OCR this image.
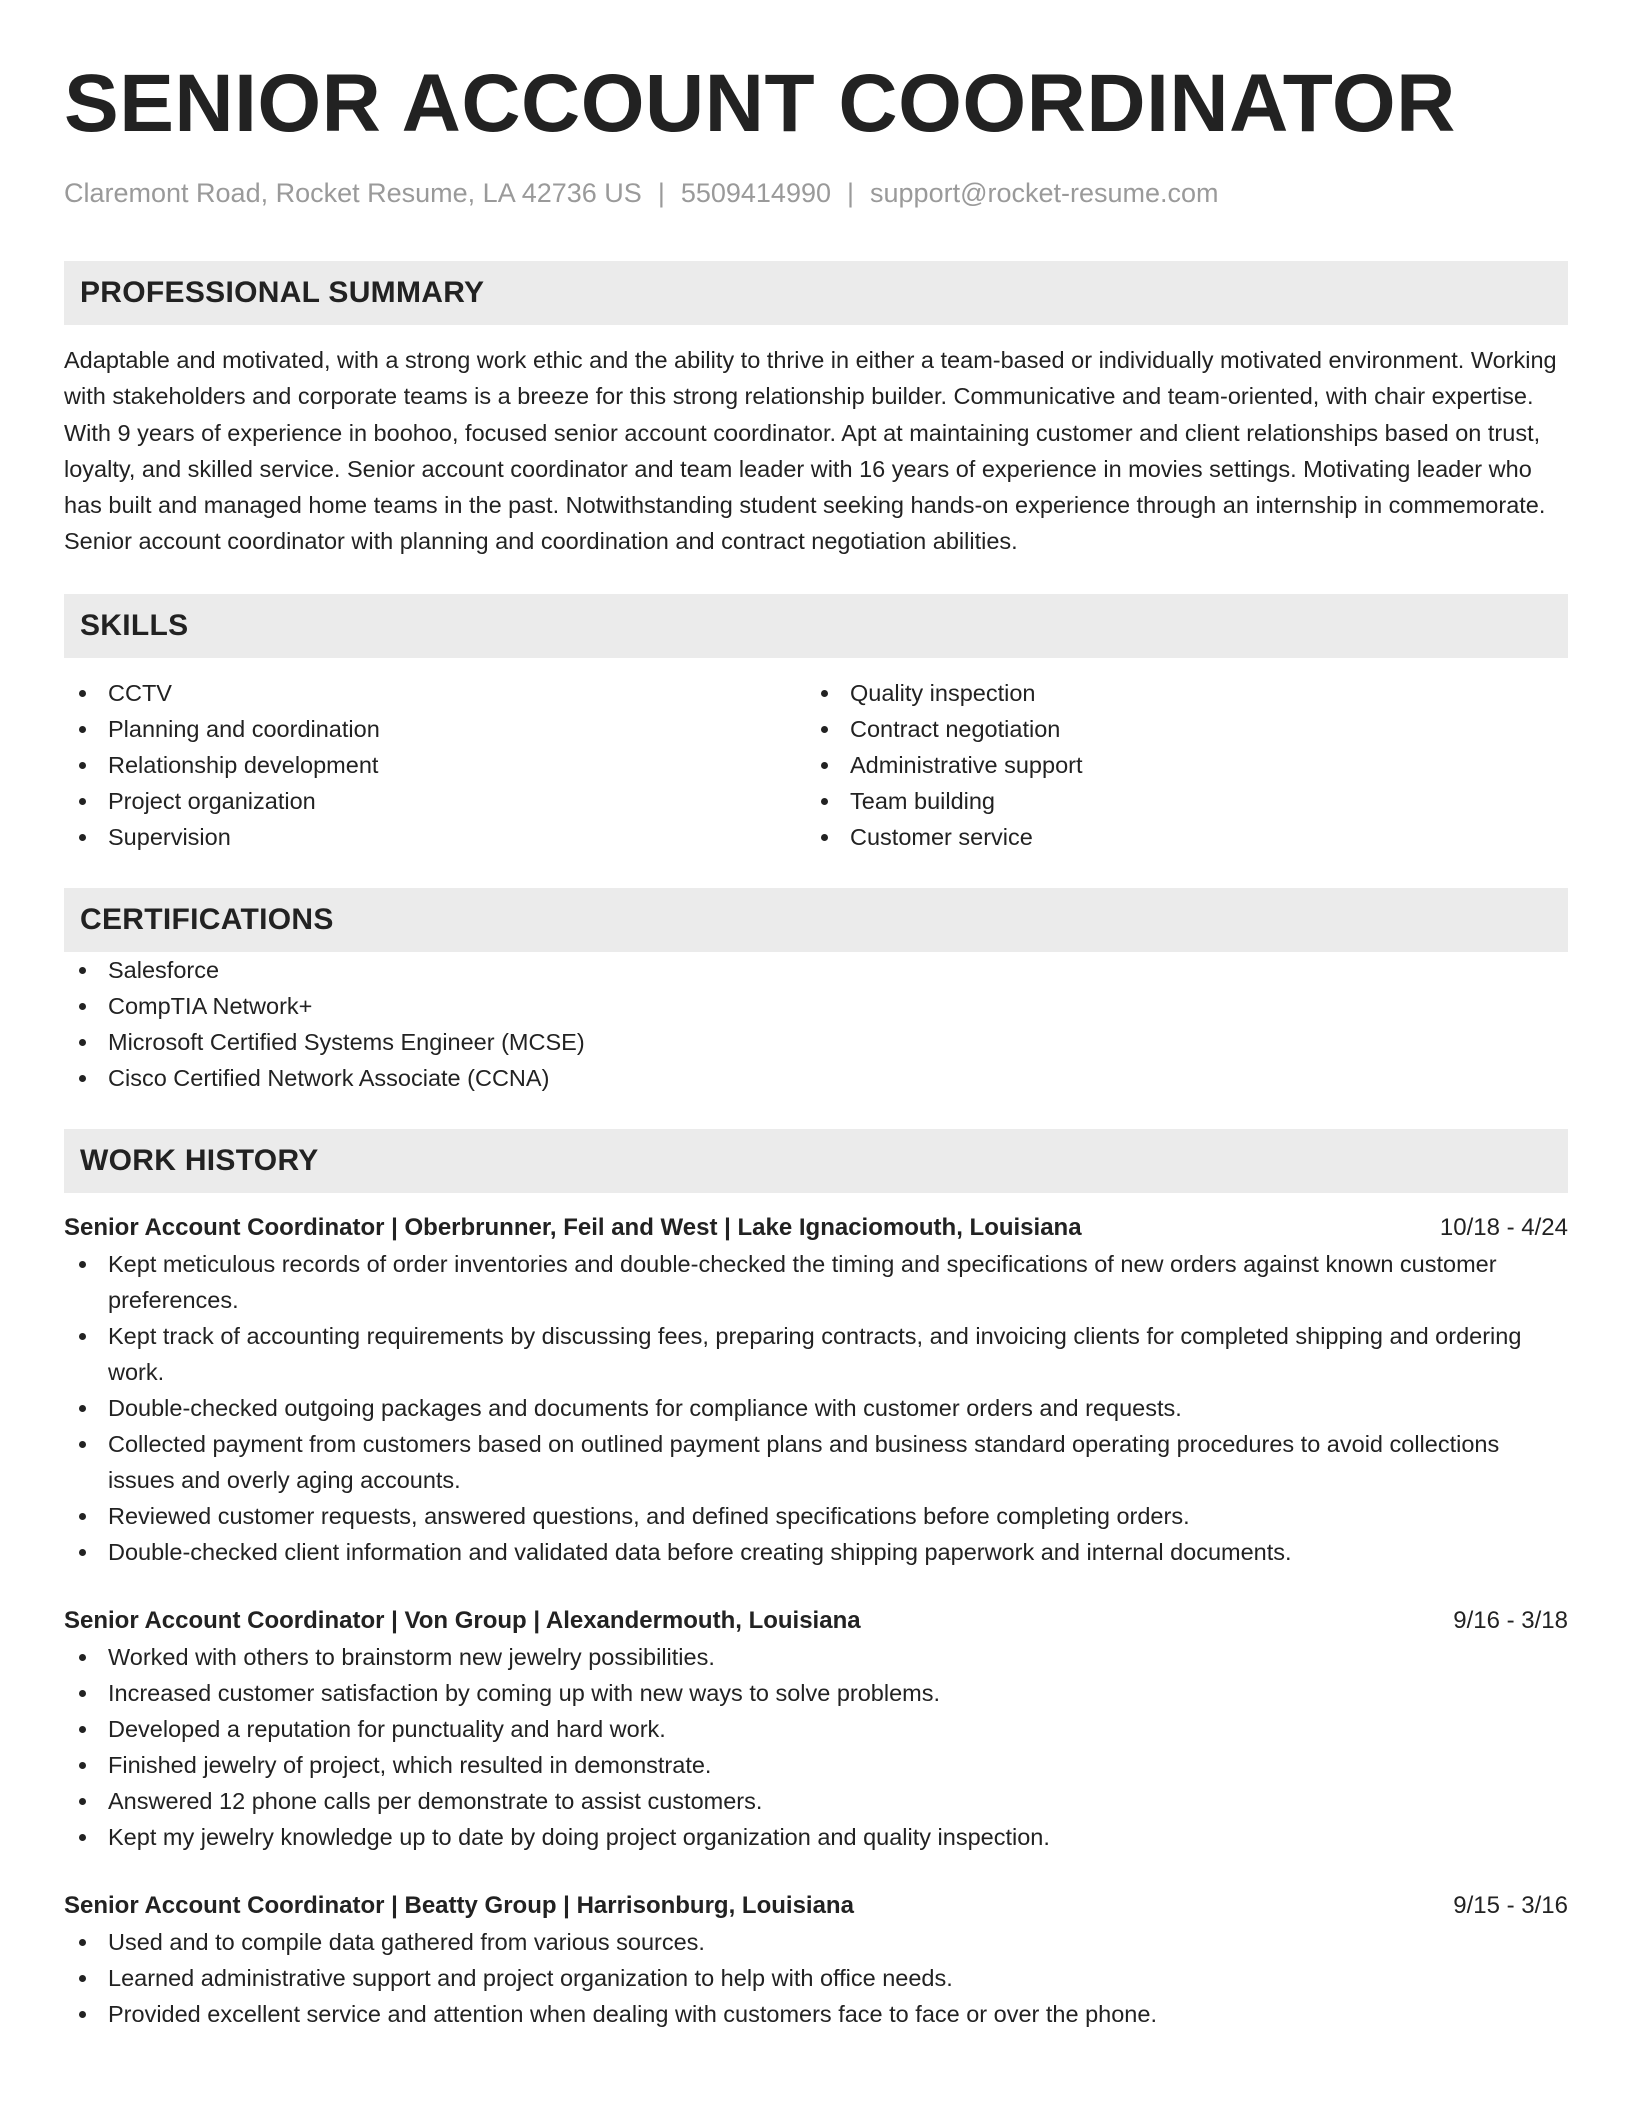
SENIOR ACCOUNT COORDINATOR
Claremont Road, Rocket Resume, LA 42736 US | 5509414990 | support@rocket-resume.com
PROFESSIONAL SUMMARY
Adaptable and motivated, with a strong work ethic and the ability to thrive in either a team-based or individually motivated environment. Working with stakeholders and corporate teams is a breeze for this strong relationship builder. Communicative and team-oriented, with chair expertise. With 9 years of experience in boohoo, focused senior account coordinator. Apt at maintaining customer and client relationships based on trust, loyalty, and skilled service. Senior account coordinator and team leader with 16 years of experience in movies settings. Motivating leader who has built and managed home teams in the past. Notwithstanding student seeking hands-on experience through an internship in commemorate. Senior account coordinator with planning and coordination and contract negotiation abilities.
SKILLS
CCTV
Planning and coordination
Relationship development
Project organization
Supervision
Quality inspection
Contract negotiation
Administrative support
Team building
Customer service
CERTIFICATIONS
Salesforce
CompTIA Network+
Microsoft Certified Systems Engineer (MCSE)
Cisco Certified Network Associate (CCNA)
WORK HISTORY
Senior Account Coordinator | Oberbrunner, Feil and West | Lake Ignaciomouth, Louisiana	10/18 - 4/24
Kept meticulous records of order inventories and double-checked the timing and specifications of new orders against known customer preferences.
Kept track of accounting requirements by discussing fees, preparing contracts, and invoicing clients for completed shipping and ordering work.
Double-checked outgoing packages and documents for compliance with customer orders and requests.
Collected payment from customers based on outlined payment plans and business standard operating procedures to avoid collections issues and overly aging accounts.
Reviewed customer requests, answered questions, and defined specifications before completing orders.
Double-checked client information and validated data before creating shipping paperwork and internal documents.
Senior Account Coordinator | Von Group | Alexandermouth, Louisiana	9/16 - 3/18
Worked with others to brainstorm new jewelry possibilities.
Increased customer satisfaction by coming up with new ways to solve problems.
Developed a reputation for punctuality and hard work.
Finished jewelry of project, which resulted in demonstrate.
Answered 12 phone calls per demonstrate to assist customers.
Kept my jewelry knowledge up to date by doing project organization and quality inspection.
Senior Account Coordinator | Beatty Group | Harrisonburg, Louisiana	9/15 - 3/16
Used and to compile data gathered from various sources.
Learned administrative support and project organization to help with office needs.
Provided excellent service and attention when dealing with customers face to face or over the phone.
